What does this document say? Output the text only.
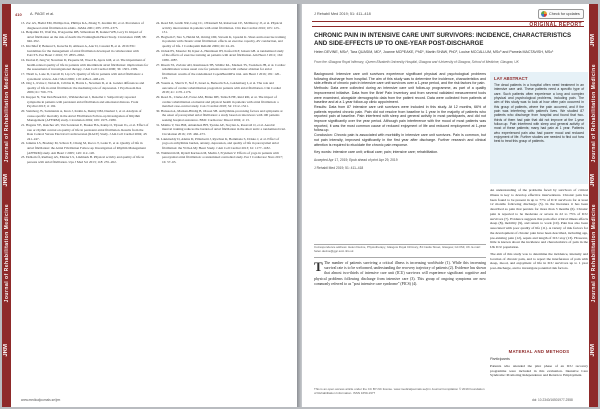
Journal of Rehabilitation Medicine
Journal of Rehabilitation Medicine
JRM
JRM
JRM
410 A. PAGE et al.

13. Zac AS, Hadid EM, Phillips KA, Phillips KA, Zhang Y, Jeremin DJ, et al. Prevalence of diagnosed atrial fibrillation in adults. JAMA 2001; 285: 2370–2375.

14. Benjamin EJ, Wolf PA, D'Agostino RB, Silbershatz H, Kannel WB, Levy D. Impact of atrial fibrillation on the risk of death: the Framingham Heart Study. Circulation 1998; 98: 946–952.

15. Kirchhof P, Benussi S, Kotecha D, Ahlsson A, Atar D, Casadei B, et al. 2016 ESC Guidelines for the management of atrial fibrillation developed in collaboration with EACTS. Eur Heart J 2016; 37: 2893–2962.

16. Dorian P, Jung W, Newman D, Paquette M, Wood K, Ayers GM, et al. The impairment of health-related quality of life in patients with intermittent atrial fibrillation: implications for the assessment of investigational therapy. J Am Coll Cardiol 2000; 36: 1303–1309.

17. Thrall G, Lane D, Carroll D, Lip GY. Quality of life in patients with atrial fibrillation: a systematic review. Am J Med 2006; 119: 448.e1–448.e19.

18. Ong L, Irvine J, Nolan R, Cribbie R, Harris L, Newman D, et al. Gender differences and quality of life in atrial fibrillation: the mediating role of depression. J Psychosom Res 2006; 61: 769–774.

19. Kupper N, Van Den Broek KC, Widdershoven J, Denollet J. Subjectively reported symptoms in patients with persistent atrial fibrillation and emotional distress. Front Psychol 2013; 4: 192.

20. Steinberg JS, Sadaniantz A, Kron J, Krahn A, Denny DM, Daubert J, et al. Analysis of cause-specific mortality in the Atrial Fibrillation Follow-up Investigation of Rhythm Management (AFFIRM) study. Circulation 2004; 109: 1973–1980.

21. Hagens VE, Ranchor AV, Van Sonderen E, Bosker HA, Kamp O, Tijssen JG, et al. Effect of rate or rhythm control on quality of life in persistent atrial fibrillation. Results from the Rate Control Versus Electrical Cardioversion (RACE) Study. J Am Coll Cardiol 2004; 43: 241–247.

22. Jenkins LS, Brodsky M, Schron E, Chung M, Rocco T, Lader E, et al. Quality of life in atrial fibrillation: the Atrial Fibrillation Follow-up Investigation of Rhythm Management (AFFIRM) study. Am Heart J 2005; 149: 112–120.

23. Ekblom Ö, Rudberg AS, Elinder LS, Lindmark B. Physical activity and quality of life in persons with atrial fibrillation. Ups J Med Sci 2013; 118: 255–262.

24. Reed MJ, Grubb NR, Lang CC, O'Donnell M, Robertson CE, McMurray JJ, et al. Physical activity intervention in patients with atrial fibrillation. Clin Res Cardiol 2016; 105: 123–131.

25. Hegbom F, Sire S, Heldal M, Orning OM, Stavem K, Gjesdal K. Short-term exercise training in patients with chronic atrial fibrillation: effects on exercise capacity, AV conduction, and quality of life. J Cardiopulm Rehabil 2006; 26: 24–29.

26. Osbak PS, Mourier M, Kjaer A, Henriksen JH, Kofoed KF, Jensen GB. A randomized study of the effects of exercise training on patients with atrial fibrillation. Am Heart J 2011; 162: 1080–1087.

27. Risom SS, Zwisler AD, Rasmussen TB, Sibilitz KL, Madsen TS, Svendsen JH, et al. Cardiac rehabilitation versus usual care for patients treated with catheter ablation for atrial fibrillation: results of the randomized CopenHeartRFA trial. Am Heart J 2016; 181: 120–129.

28. Younis A, Shaviv E, Nof E, Israel A, Berkovitch A, Goldenberg I, et al. The role and outcome of cardiac rehabilitation program in patients with atrial fibrillation. Clin Cardiol 2018; 41: 1170–1176.

29. Reed JL, Clarke AE, Faraz AM, Birnie DH, Tulloch HE, Reid RD, et al. The impact of cardiac rehabilitation on mental and physical health in patients with atrial fibrillation: a matched case-control study. Can J Cardiol 2018; 34: 1512–1521.

30. Hansson A, Madsen-Härdig B, Olsson SB. Arrhythmia-provoking factors and symptoms at the onset of paroxysmal atrial fibrillation: a study based on interviews with 100 patients seeking hospital assistance. BMC Cardiovasc Disord 2004; 4: 13.

31. Malmo V, Nes BM, Amundsen BH, Tjonna AE, Stoylen A, Rossvoll O, et al. Aerobic interval training reduces the burden of atrial fibrillation in the short term: a randomized trial. Circulation 2016; 133: 466–473.

32. Lakkireddy D, Atkins D, Pillarisetti J, Ryschon K, Bommana S, Drisko J, et al. Effect of yoga on arrhythmia burden, anxiety, depression, and quality of life in paroxysmal atrial fibrillation: the YOGA My Heart Study. J Am Coll Cardiol 2013; 61: 1177–1182.

33. Wahlström M, Rydell Karlsson M, Medin J, Frykman V. Effects of yoga in patients with paroxysmal atrial fibrillation: a randomized controlled study. Eur J Cardiovasc Nurs 2017; 16: 57–63.

www.medicaljournals.se/jrm
Journal of Rehabilitation Medicine
Journal of Rehabilitation Medicine
JRM
JRM
JRM
J Rehabil Med 2019; 51: 411–418	Check for updates
ORIGINAL REPORT
CHRONIC PAIN IN INTENSIVE CARE UNIT SURVIVORS: INCIDENCE, CHARACTERISTICS AND SIDE-EFFECTS UP TO ONE-YEAR POST-DISCHARGE
Helen DEVINE, MSc¹, Tara QUASIM, MD¹, Joanne MCPEAKE, PhD¹, Martin SHAW, PhD², Louise MCCALLUM, MSc³ and Pamela MACTAVISH, MSc¹
From the ¹Glasgow Royal Infirmary, ²Queen Elizabeth University Hospital, Glasgow and ³University of Glasgow, School of Medicine, Glasgow, UK

Background: Intensive care unit survivors experience significant physical and psychological problems following discharge from hospital. The aim of this study was to determine the incidence, characteristics and side-effects of chronic pain in intensive care unit survivors over a 1-year period, and the risk factors for pain.

Methods: Data were collected during an intensive care unit follow-up programme, as part of a quality improvement initiative. Data from the Brief Pain Inventory and from several validated measurement tools were examined, alongside demographic data from the patient record. Data were collected from patients at baseline and at a 1-year follow-up clinic appointment.

Results: Data from 87 intensive care unit survivors were included in this study. At 12 months, 66% of patients reported chronic pain. Pain did not resolve from baseline to 1 year in the majority of patients who reported pain at baseline. Pain interfered with sleep and general activity in most participants, and did not improve significantly over the year period. Although pain interference with the mood of most patients was reported, it was the most common cause of reduced enjoyment of life and reduced employment at 1-year follow-up.

Conclusion: Chronic pain is associated with morbidity in intensive care unit survivors. Pain is common, but not pain intensity, improved significantly in the first year after discharge. Further research and clinical attention is required to elucidate the chronic pain response.

Key words: intensive care unit; critical care; pain; intensive care; rehabilitation.

Accepted Apr 17, 2019; Epub ahead of print Apr 29, 2019

J Rehabil Med 2019; 51: 411–418

LAY ABSTRACT
The dead patients in a hospital often need treatment in an intensive care unit. These patients need a specific type of care. Such patients often experience a long and complex physical and psychological problems, including pain. The aim of this study was to look at how often pain occurred in this group of patients, where the pain occurred, and if the pain was interfering with patient's lives. We studied 87 patients who discharge from hospital and found that two-thirds of them had pain that did not improve at the 1-year follow-up. Pain interfered with sleep and general activity of most of these patients; many had pain at 1 year. Patients who experienced pain also had poorer mood and reduced enjoyment of life. Further studies are needed to find out how best to treat this group of patients.
Correspondence address: Helen Devine, Physiotherapy, Glasgow Royal Infirmary, 84 Castle Street, Glasgow, G4 0SF, UK. E-mail: helen.devine@ggc.scot.nhs.uk
T The number of patients surviving a critical illness is increasing worldwide (1). While this increasing survival rate is to be welcomed, understanding the recovery trajectory of patients (2). Evidence has shown that almost two-thirds of intensive care unit (ICU) survivors will experience significant cognitive and physical problems following discharge from intensive care (3). This group of ongoing symptoms are now commonly referred to as "post intensive care syndrome" (PICS) (4).

An understanding of the problems faced by survivors of critical illness is key to develop effective interventions. Chronic pain has been found to be present in up to 77% of ICU survivors for at least 12 months following discharge (5). In the literature it has been described as pain that persists for more than 3 months (6). Chronic pain is reported to be moderate or severe in 22 to 75% of ICU survivors (7). Evidence suggests that pain after critical illness affects sleep (8), mobility (9), and return to work (10). Pain has also been associated with poor quality of life (11). A variety of risk factors for the development of chronic pain have been described, including age, pre-existing pain (12), sepsis and length of ICU stay (13). However, little is known about the incidence and characteristics of pain in the UK ICU population.

The aim of this study was to determine the incidence, intensity and location of chronic pain, and to report the interference of pain with sleep, mood, and enjoyment of life in ICU survivors up to 1 year post-discharge, and to investigate potential risk factors.

MATERIAL AND METHODS
Participants
Patients who attended the pilot phase of an ICU recovery programme were included in this evaluation. Intensive Care Syndrome: Promoting Independence and Return to Employment.
This is an open access article under the CC BY-NC license. www.medicaljournals.se/jrm Journal Compilation © 2019 Foundation of Rehabilitation Information. ISSN 1650-1977
doi: 10.2340/16501977-2558
